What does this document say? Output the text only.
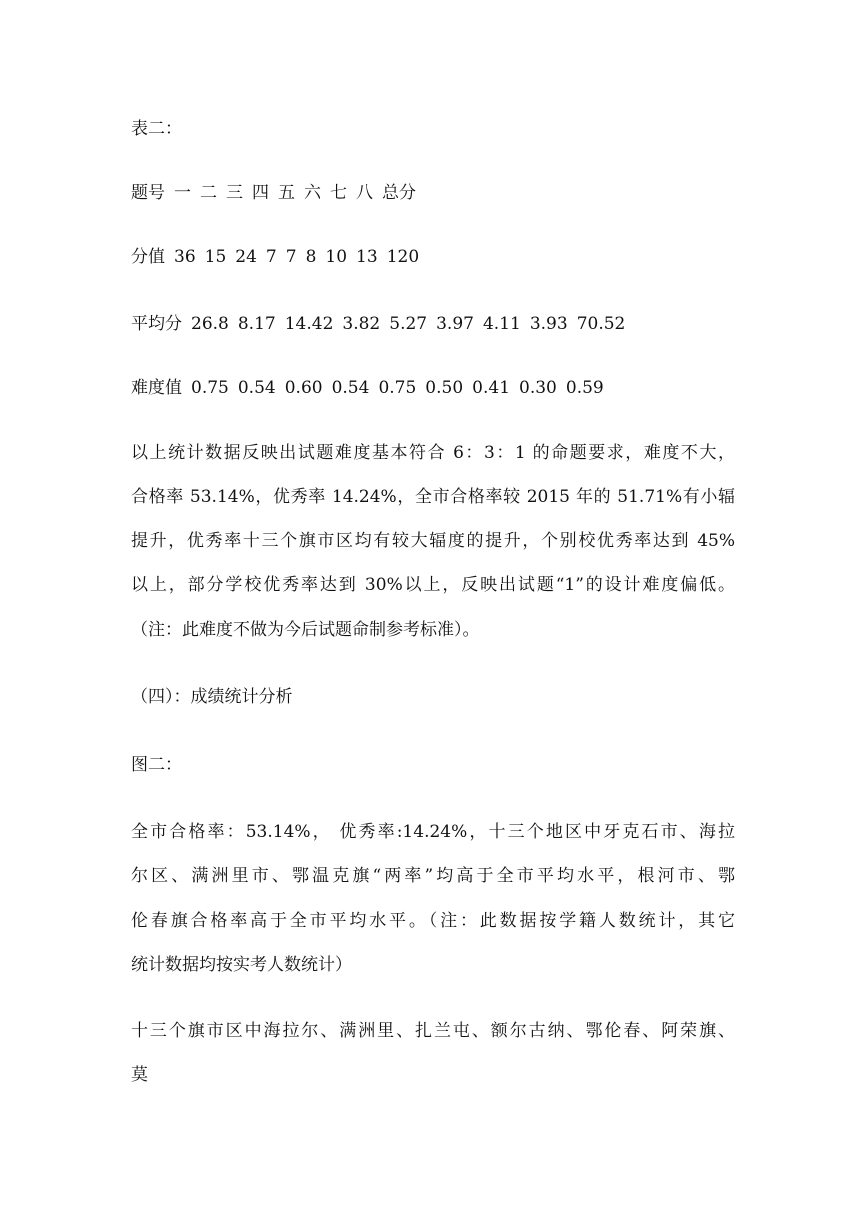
表二：
题号 一 二 三 四 五 六 七 八 总分
分值 36 15 24 7 7 8 10 13 120
平均分 26.8 8.17 14.42 3.82 5.27 3.97 4.11 3.93 70.52
难度值 0.75 0.54 0.60 0.54 0.75 0.50 0.41 0.30 0.59
以上统计数据反映出试题难度基本符合 6：3：1 的命题要求，难度不大，
合格率 53.14%，优秀率 14.24%，全市合格率较 2015 年的 51.71%有小辐
提升，优秀率十三个旗市区均有较大辐度的提升，个别校优秀率达到 45%
以上，部分学校优秀率达到 30%以上，反映出试题“1”的设计难度偏低。
（注：此难度不做为今后试题命制参考标准）。
（四）：成绩统计分析
图二：
全市合格率：53.14%， 优秀率:14.24%，十三个地区中牙克石市、海拉
尔区、满洲里市、鄂温克旗“两率”均高于全市平均水平，根河市、鄂
伦春旗合格率高于全市平均水平。（注：此数据按学籍人数统计，其它
统计数据均按实考人数统计）
十三个旗市区中海拉尔、满洲里、扎兰屯、额尔古纳、鄂伦春、阿荣旗、
莫
